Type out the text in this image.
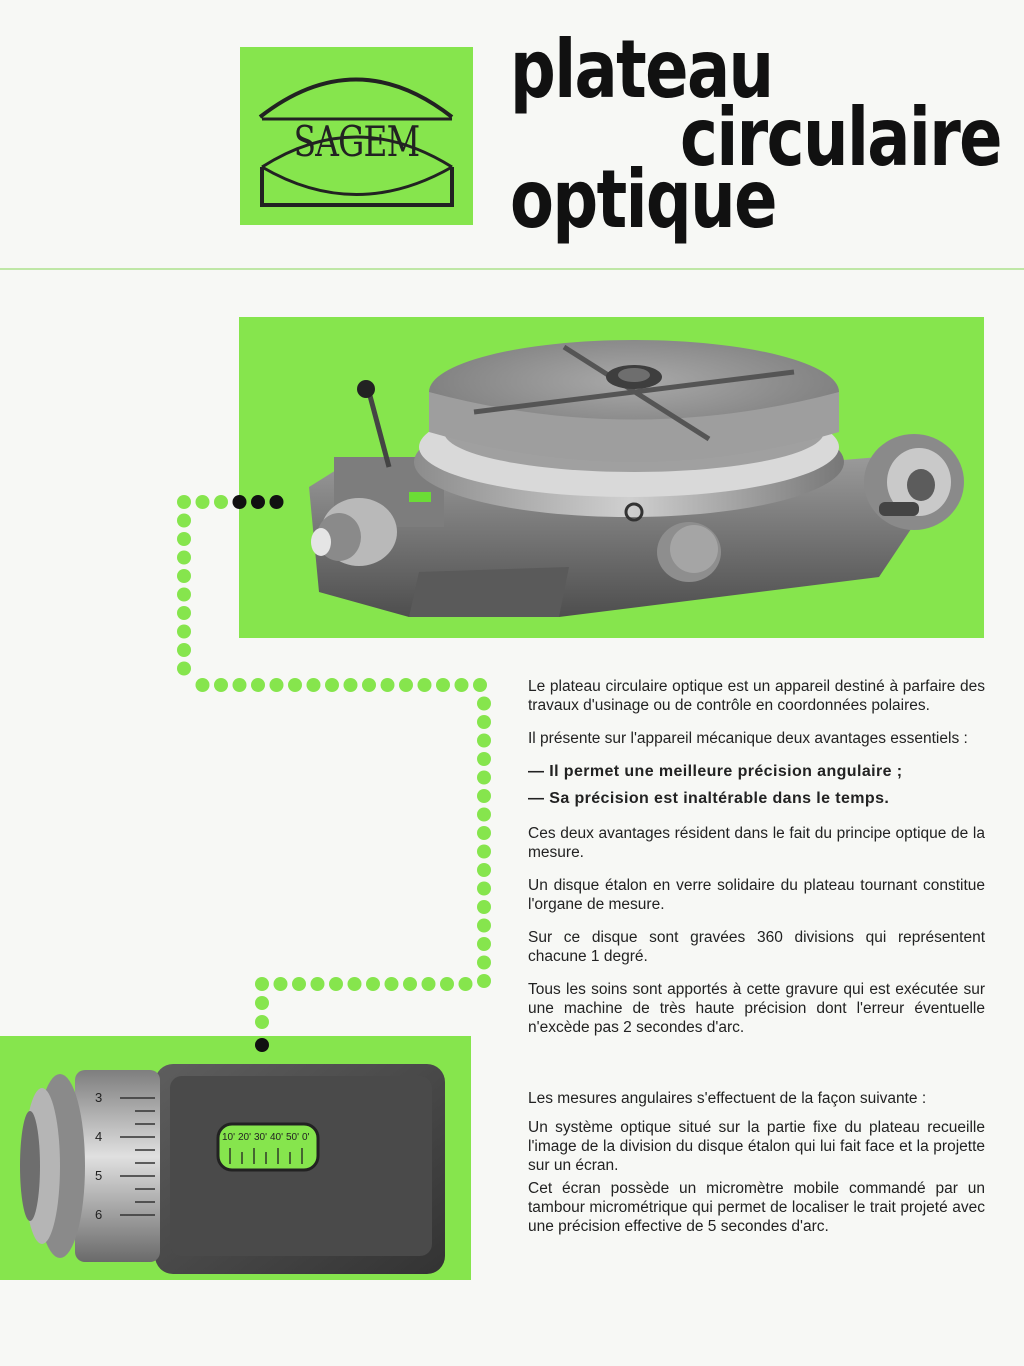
SAGEM
plateau
circulaire
optique
3
4
5
6
10' 20' 30' 40' 50' 0'

Le plateau circulaire optique est un appareil destiné à parfaire des travaux d'usinage ou de contrôle en coordonnées polaires.

Il présente sur l'appareil mécanique deux avantages essentiels :

— Il permet une meilleure précision angulaire ;

— Sa précision est inaltérable dans le temps.

Ces deux avantages résident dans le fait du principe optique de la mesure.

Un disque étalon en verre solidaire du plateau tournant constitue l'organe de mesure.

Sur ce disque sont gravées 360 divisions qui représentent chacune 1 degré.

Tous les soins sont apportés à cette gravure qui est exécutée sur une machine de très haute précision dont l'erreur éventuelle n'excède pas 2 secondes d'arc.

Les mesures angulaires s'effectuent de la façon suivante :

Un système optique situé sur la partie fixe du plateau recueille l'image de la division du disque étalon qui lui fait face et la projette sur un écran.

Cet écran possède un micromètre mobile commandé par un tambour micrométrique qui permet de localiser le trait projeté avec une précision effective de 5 secondes d'arc.
